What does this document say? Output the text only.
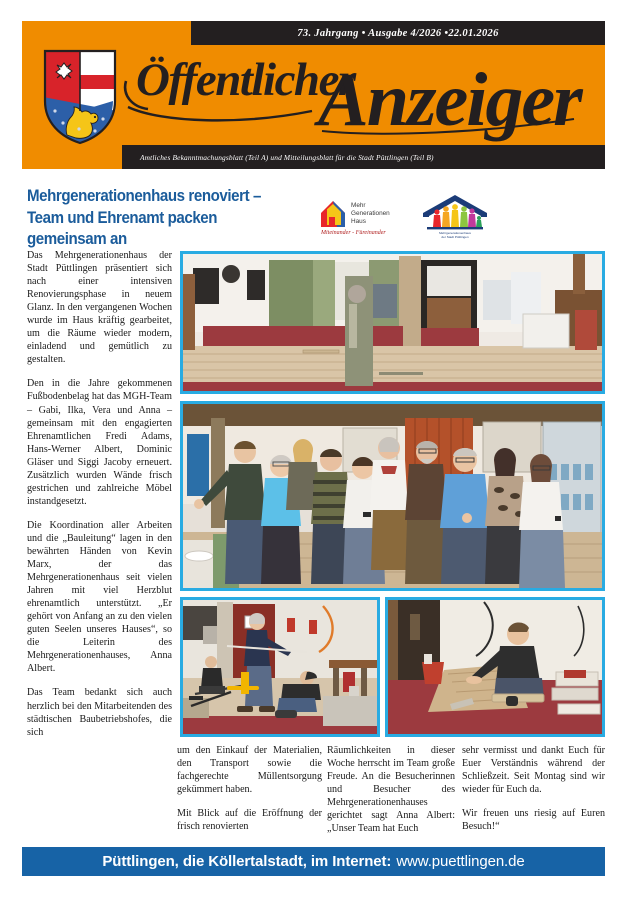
73. Jahrgang • Ausgabe 4/2026 •22.01.2026
Öffentlicher
Anzeiger
Amtliches Bekanntmachungsblatt (Teil A) und Mitteilungsblatt für die Stadt Püttlingen (Teil B)
Mehrgenerationenhaus renoviert –
Team und Ehrenamt packen gemeinsam an
Mehr
Generationen
Haus
Miteinander - Füreinander	Mehrgenerationenhaus
der Stadt Püttlingen

Das Mehrgenerationenhaus der Stadt Püttlingen präsentiert sich nach einer intensiven Renovierungsphase in neuem Glanz. In den vergangenen Wochen wurde im Haus kräftig gearbeitet, um die Räume wieder modern, einladend und gemütlich zu gestalten.

Den in die Jahre gekommenen Fußbodenbelag hat das MGH-Team – Gabi, Ilka, Vera und Anna – gemeinsam mit den engagierten Ehrenamtlichen Fredi Adams, Hans-Werner Albert, Dominic Gläser und Siggi Jacoby erneuert. Zusätzlich wurden Wände frisch gestrichen und zahlreiche Möbel instandgesetzt.

Die Koordination aller Arbeiten und die „Bauleitung“ lagen in den bewährten Händen von Kevin Marx, der das Mehrgenerationenhaus seit vielen Jahren mit viel Herzblut ehrenamtlich unterstützt. „Er gehört von Anfang an zu den vielen guten Seelen unseres Hauses“, so die Leiterin des Mehrgenerationenhauses, Anna Albert.

Das Team bedankt sich auch herzlich bei den Mitarbeitenden des städtischen Baubetriebshofes, die sich

um den Einkauf der Materialien, den Transport sowie die fachgerechte Müllentsorgung gekümmert haben.

Mit Blick auf die Eröffnung der frisch renovierten

Räumlichkeiten in dieser Woche herrscht im Team große Freude. An die Besucherinnen und Besucher des Mehrgenerationenhauses gerichtet sagt Anna Albert: „Unser Team hat Euch

sehr vermisst und dankt Euch für Euer Verständnis während der Schließzeit. Seit Montag sind wir wieder für Euch da.

Wir freuen uns riesig auf Euren Besuch!“

Püttlingen, die Köllertalstadt, im Internet: www.puettlingen.de
